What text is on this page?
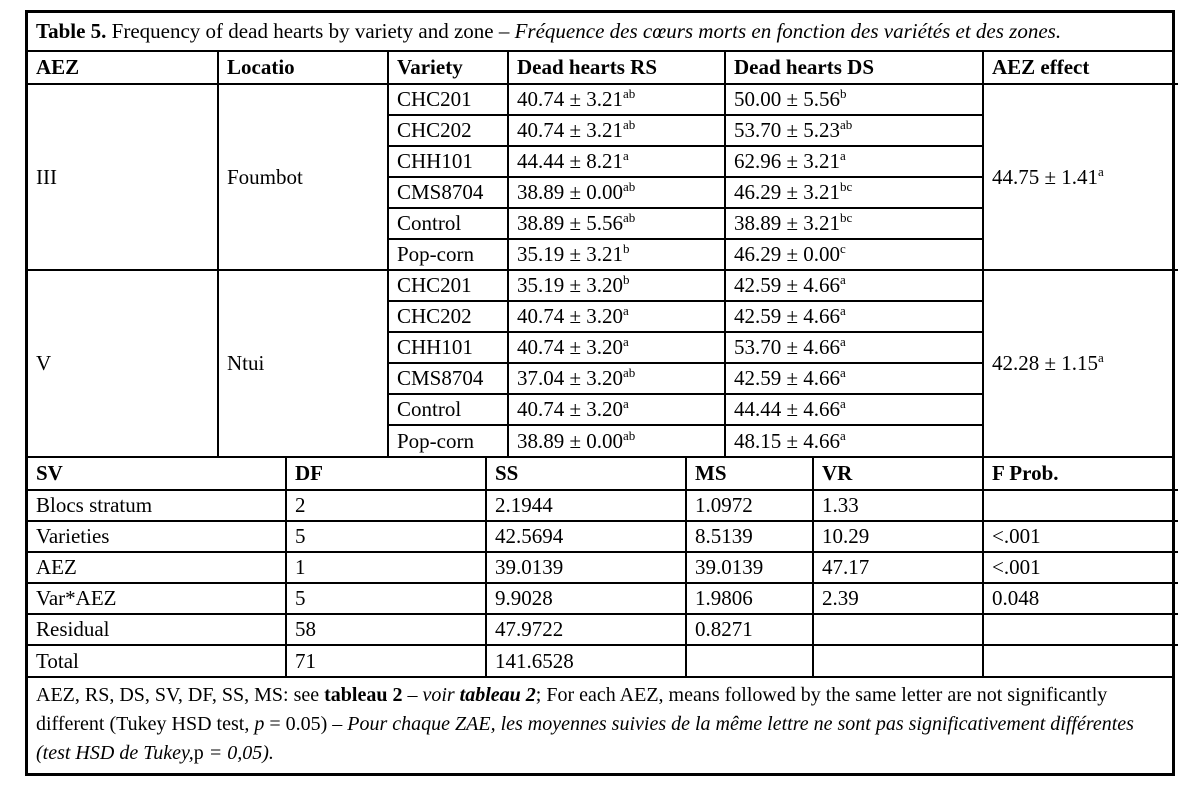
Table 5. Frequency of dead hearts by variety and zone – Fréquence des cœurs morts en fonction des variétés et des zones.
AEZ	Locatio	Variety	Dead hearts RS	Dead hearts DS	AEZ effect
III	Foumbot	CHC201	40.74 ± 3.21$^{ab}$	50.00 ± 5.56$^b$	44.75 ± 1.41$^a$
		CHC202	40.74 ± 3.21$^{ab}$	53.70 ± 5.23$^{ab}$
		CHH101	44.44 ± 8.21$^a$	62.96 ± 3.21$^a$
		CMS8704	38.89 ± 0.00$^{ab}$	46.29 ± 3.21$^{bc}$
		Control	38.89 ± 5.56$^{ab}$	38.89 ± 3.21$^{bc}$
		Pop-corn	35.19 ± 3.21$^b$	46.29 ± 0.00$^c$
V	Ntui	CHC201	35.19 ± 3.20$^b$	42.59 ± 4.66$^a$	42.28 ± 1.15$^a$
		CHC202	40.74 ± 3.20$^a$	42.59 ± 4.66$^a$
		CHH101	40.74 ± 3.20$^a$	53.70 ± 4.66$^a$
		CMS8704	37.04 ± 3.20$^{ab}$	42.59 ± 4.66$^a$
		Control	40.74 ± 3.20$^a$	44.44 ± 4.66$^a$
		Pop-corn	38.89 ± 0.00$^{ab}$	48.15 ± 4.66$^a$
SV	DF	SS	MS	VR	F Prob.
Blocs stratum	2	2.1944	1.0972	1.33	
Varieties	5	42.5694	8.5139	10.29	<.001
AEZ	1	39.0139	39.0139	47.17	<.001
Var*AEZ	5	9.9028	1.9806	2.39	0.048
Residual	58	47.9722	0.8271		
Total	71	141.6528			
AEZ, RS, DS, SV, DF, SS, MS: see tableau 2 – voir tableau 2; For each AEZ, means followed by the same letter are not significantly different (Tukey HSD test, p = 0.05) – Pour chaque ZAE, les moyennes suivies de la même lettre ne sont pas significativement différentes (test HSD de Tukey,p = 0,05).
